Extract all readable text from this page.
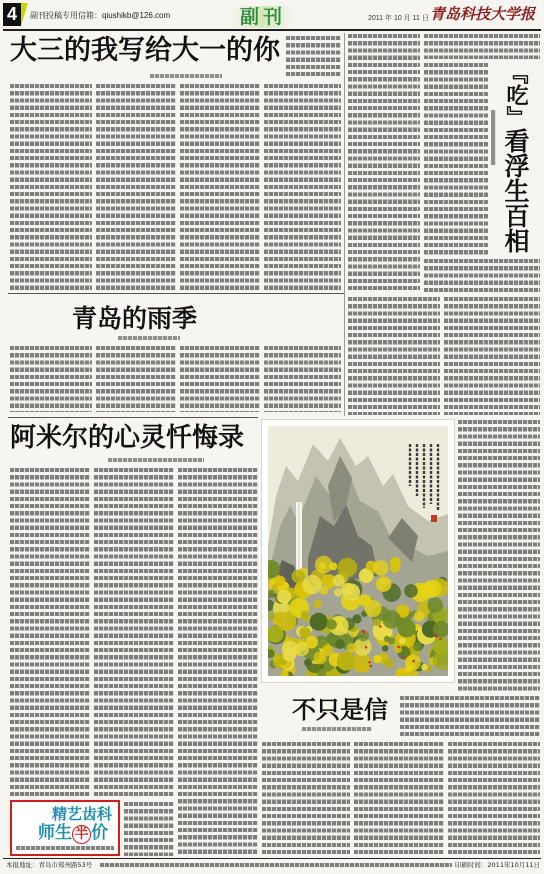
4	副刊投稿专用信箱：qiushikb@126.com	副刊	2011 年 10 月 11 日 青岛科技大学报
大三的我写给大一的你
『吃』看浮生百相
青岛的雨季
阿米尔的心灵忏悔录
不只是信
精艺齿科
师生 半 价
本报地址：青岛市郑州路53号	印刷时间：2011年10月11日
